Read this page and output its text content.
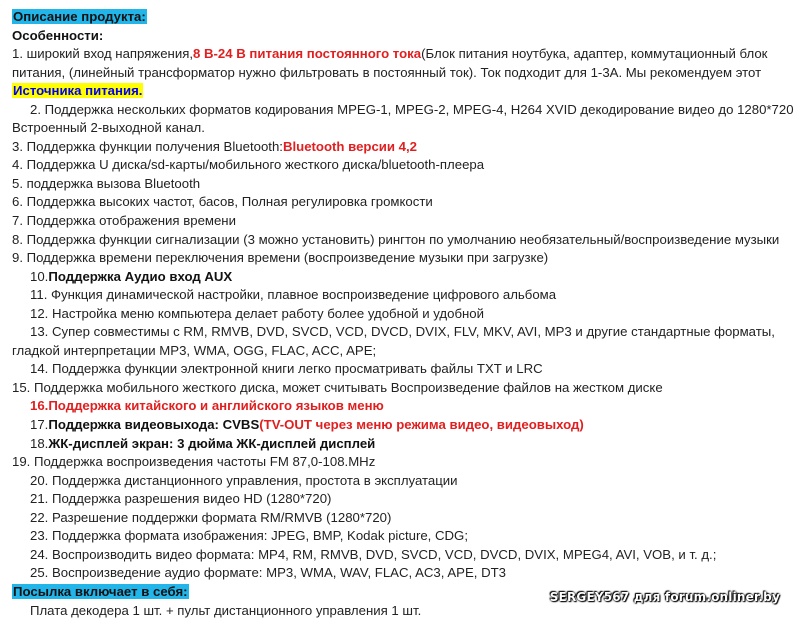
Описание продукта:
Особенности:
1. широкий вход напряжения,8 В-24 В питания постоянного тока(Блок питания ноутбука, адаптер, коммутационный блок
питания, (линейный трансформатор нужно фильтровать в постоянный ток). Ток подходит для 1-3А. Мы рекомендуем этот
Источника питания.
2. Поддержка нескольких форматов кодирования MPEG-1, MPEG-2, MPEG-4, H264 XVID декодирование видео до 1280*720
Встроенный 2-выходной канал.
3. Поддержка функции получения Bluetooth:Bluetooth версии 4,2
4. Поддержка U диска/sd-карты/мобильного жесткого диска/bluetooth-плеера
5. поддержка вызова Bluetooth
6. Поддержка высоких частот, басов, Полная регулировка громкости
7. Поддержка отображения времени
8. Поддержка функции сигнализации (3 можно установить) рингтон по умолчанию необязательный/воспроизведение музыки
9. Поддержка времени переключения времени (воспроизведение музыки при загрузке)
10.Поддержка Аудио вход AUX
11. Функция динамической настройки, плавное воспроизведение цифрового альбома
12. Настройка меню компьютера делает работу более удобной и удобной
13. Супер совместимы с RM, RMVB, DVD, SVCD, VCD, DVCD, DVIX, FLV, MKV, AVI, MP3 и другие стандартные форматы,
гладкой интерпретации MP3, WMA, OGG, FLAC, ACC, APE;
14. Поддержка функции электронной книги легко просматривать файлы TXT и LRC
15. Поддержка мобильного жесткого диска, может считывать Воспроизведение файлов на жестком диске
16.Поддержка китайского и английского языков меню
17.Поддержка видеовыхода: CVBS(TV-OUT через меню режима видео, видеовыход)
18.ЖК-дисплей экран: 3 дюйма ЖК-дисплей дисплей
19. Поддержка воспроизведения частоты FM 87,0-108.MHz
20. Поддержка дистанционного управления, простота в эксплуатации
21. Поддержка разрешения видео HD (1280*720)
22. Разрешение поддержки формата RM/RMVB (1280*720)
23. Поддержка формата изображения: JPEG, BMP, Kodak picture, CDG;
24. Воспроизводить видео формата: MP4, RM, RMVB, DVD, SVCD, VCD, DVCD, DVIX, MPEG4, AVI, VOB, и т. д.;
25. Воспроизведение аудио формате: MP3, WMA, WAV, FLAC, AC3, APE, DT3
Посылка включает в себя:
Плата декодера 1 шт. + пульт дистанционного управления 1 шт.
SERGEY567 для forum.onliner.by
